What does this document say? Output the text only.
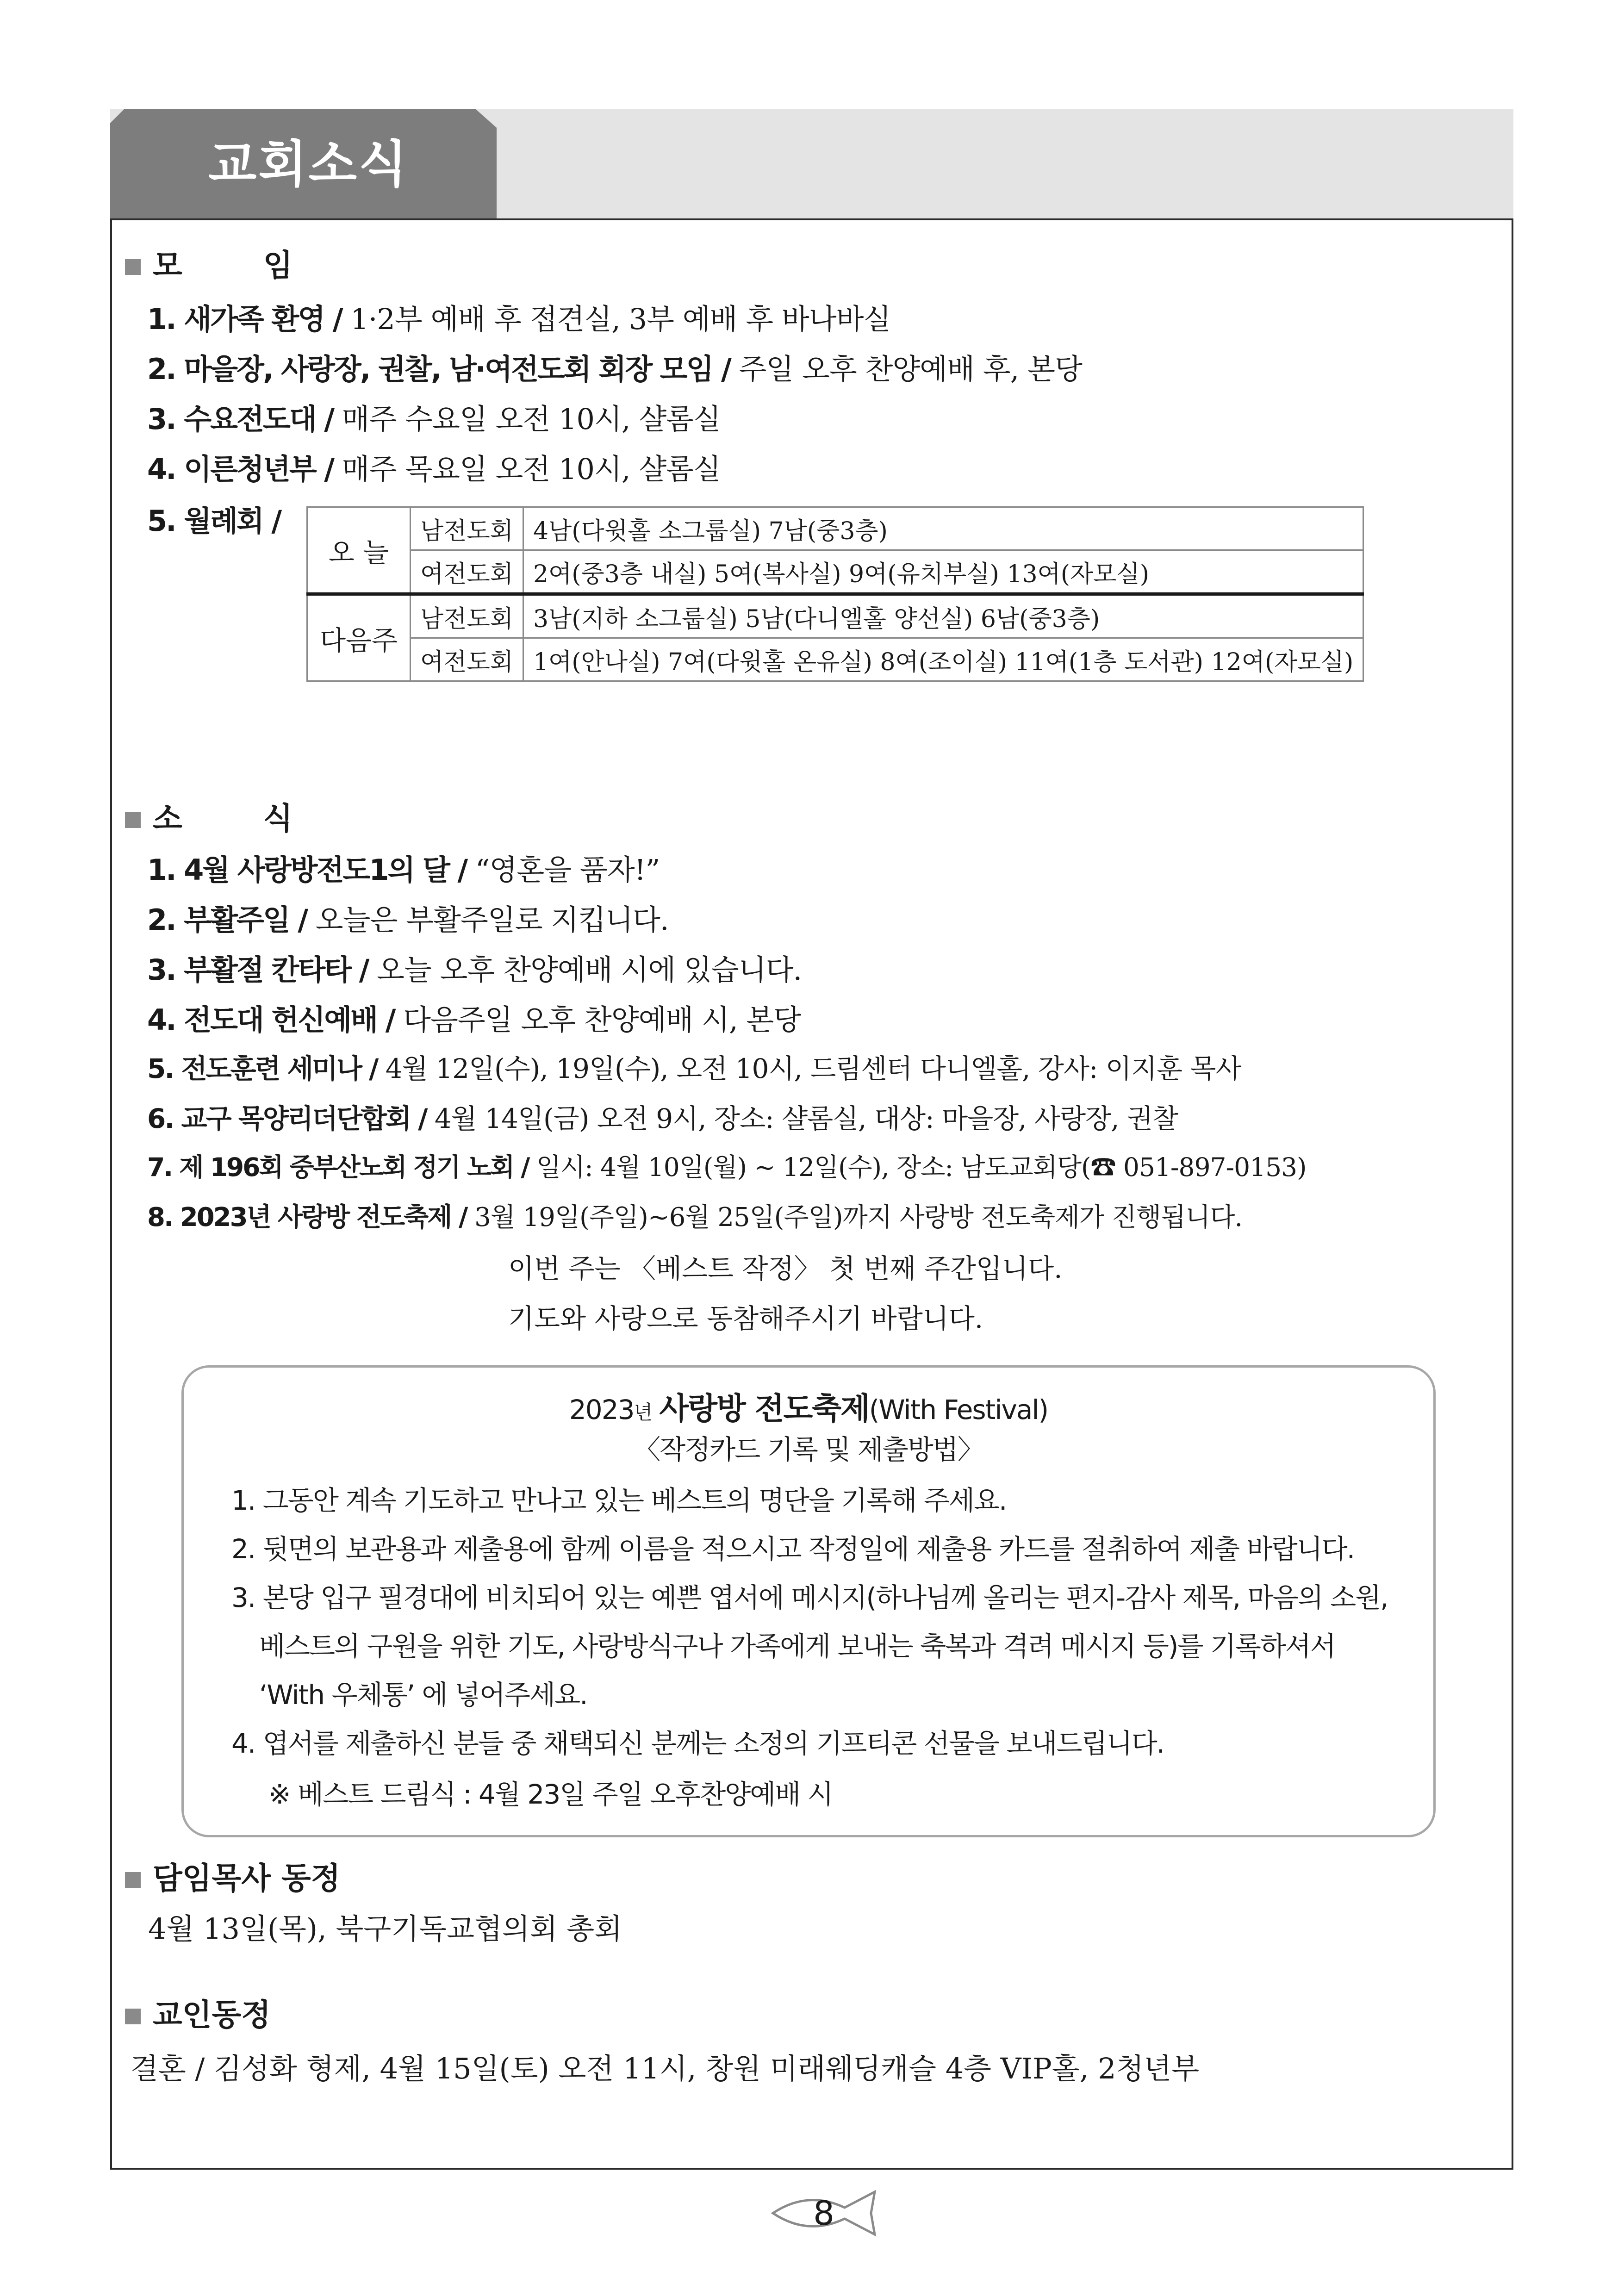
교회소식
모 임
1. 새가족 환영 / 1·2부 예배 후 접견실, 3부 예배 후 바나바실
2. 마을장, 사랑장, 권찰, 남·여전도회 회장 모임 / 주일 오후 찬양예배 후, 본당
3. 수요전도대 / 매주 수요일 오전 10시, 샬롬실
4. 이른청년부 / 매주 목요일 오전 10시, 샬롬실
5. 월례회 /
오 늘	남전도회	4남(다윗홀 소그룹실) 7남(중3층)
	여전도회	2여(중3층 내실) 5여(복사실) 9여(유치부실) 13여(자모실)
다음주	남전도회	3남(지하 소그룹실) 5남(다니엘홀 양선실) 6남(중3층)
	여전도회	1여(안나실) 7여(다윗홀 온유실) 8여(조이실) 11여(1층 도서관) 12여(자모실)
소 식
1. 4월 사랑방전도1의 달 / “영혼을 품자!”
2. 부활주일 / 오늘은 부활주일로 지킵니다.
3. 부활절 칸타타 / 오늘 오후 찬양예배 시에 있습니다.
4. 전도대 헌신예배 / 다음주일 오후 찬양예배 시, 본당
5. 전도훈련 세미나 / 4월 12일(수), 19일(수), 오전 10시, 드림센터 다니엘홀, 강사: 이지훈 목사
6. 교구 목양리더단합회 / 4월 14일(금) 오전 9시, 장소: 샬롬실, 대상: 마을장, 사랑장, 권찰
7. 제 196회 중부산노회 정기 노회 / 일시: 4월 10일(월) ~ 12일(수), 장소: 남도교회당(☎ 051-897-0153)
8. 2023년 사랑방 전도축제 / 3월 19일(주일)~6월 25일(주일)까지 사랑방 전도축제가 진행됩니다.
이번 주는 〈베스트 작정〉 첫 번째 주간입니다.
기도와 사랑으로 동참해주시기 바랍니다.
2023년 사랑방 전도축제(With Festival)
〈작정카드 기록 및 제출방법〉
1. 그동안 계속 기도하고 만나고 있는 베스트의 명단을 기록해 주세요.
2. 뒷면의 보관용과 제출용에 함께 이름을 적으시고 작정일에 제출용 카드를 절취하여 제출 바랍니다.
3. 본당 입구 필경대에 비치되어 있는 예쁜 엽서에 메시지(하나님께 올리는 편지-감사 제목, 마음의 소원,
베스트의 구원을 위한 기도, 사랑방식구나 가족에게 보내는 축복과 격려 메시지 등)를 기록하셔서
‘With 우체통’ 에 넣어주세요.
4. 엽서를 제출하신 분들 중 채택되신 분께는 소정의 기프티콘 선물을 보내드립니다.
※ 베스트 드림식 : 4월 23일 주일 오후찬양예배 시
담임목사 동정
4월 13일(목), 북구기독교협의회 총회
교인동정
결혼 / 김성화 형제, 4월 15일(토) 오전 11시, 창원 미래웨딩캐슬 4층 VIP홀, 2청년부
8
